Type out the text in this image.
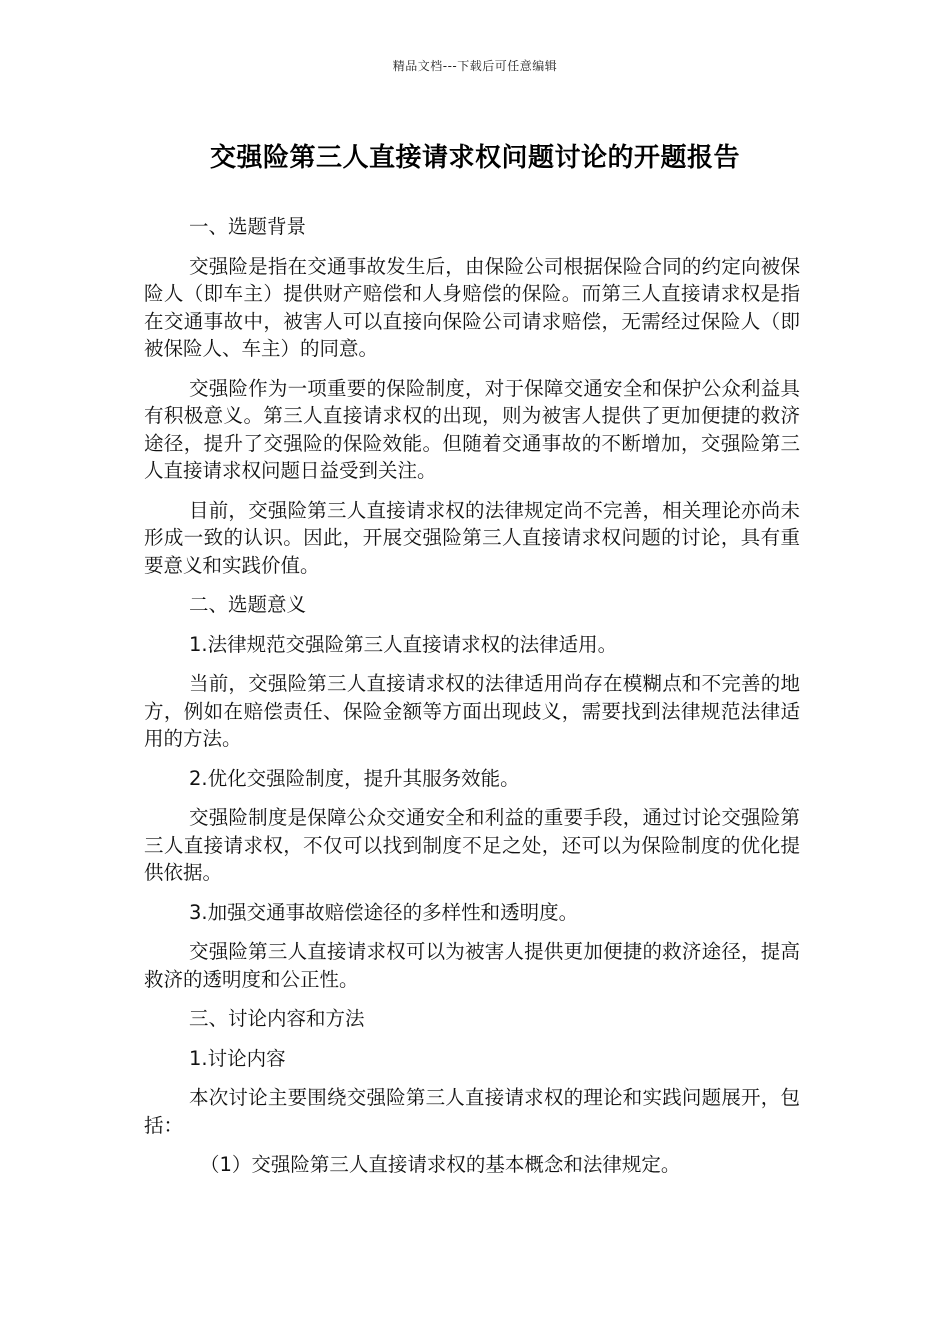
精品文档---下载后可任意编辑
交强险第三人直接请求权问题讨论的开题报告

一、选题背景

交强险是指在交通事故发生后，由保险公司根据保险合同的约定向被保险人（即车主）提供财产赔偿和人身赔偿的保险。而第三人直接请求权是指在交通事故中，被害人可以直接向保险公司请求赔偿，无需经过保险人（即被保险人、车主）的同意。

交强险作为一项重要的保险制度，对于保障交通安全和保护公众利益具有积极意义。第三人直接请求权的出现，则为被害人提供了更加便捷的救济途径，提升了交强险的保险效能。但随着交通事故的不断增加，交强险第三人直接请求权问题日益受到关注。

目前，交强险第三人直接请求权的法律规定尚不完善，相关理论亦尚未形成一致的认识。因此，开展交强险第三人直接请求权问题的讨论，具有重要意义和实践价值。

二、选题意义

1.法律规范交强险第三人直接请求权的法律适用。

当前，交强险第三人直接请求权的法律适用尚存在模糊点和不完善的地方，例如在赔偿责任、保险金额等方面出现歧义，需要找到法律规范法律适用的方法。

2.优化交强险制度，提升其服务效能。

交强险制度是保障公众交通安全和利益的重要手段，通过讨论交强险第三人直接请求权，不仅可以找到制度不足之处，还可以为保险制度的优化提供依据。

3.加强交通事故赔偿途径的多样性和透明度。

交强险第三人直接请求权可以为被害人提供更加便捷的救济途径，提高救济的透明度和公正性。

三、讨论内容和方法

1.讨论内容

本次讨论主要围绕交强险第三人直接请求权的理论和实践问题展开，包括：

（1）交强险第三人直接请求权的基本概念和法律规定。
